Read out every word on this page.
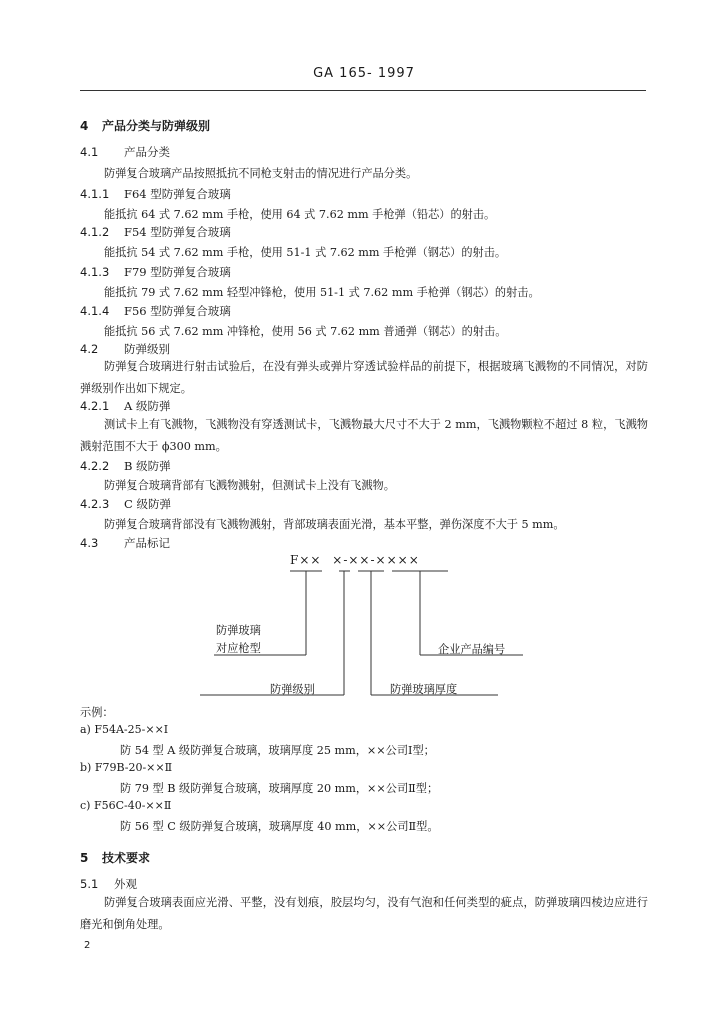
GA 165- 1997
4 产品分类与防弹级别
4.1 产品分类
防弹复合玻璃产品按照抵抗不同枪支射击的情况进行产品分类。
4.1.1 F64 型防弹复合玻璃
能抵抗 64 式 7.62 mm 手枪，使用 64 式 7.62 mm 手枪弹（铅芯）的射击。
4.1.2 F54 型防弹复合玻璃
能抵抗 54 式 7.62 mm 手枪，使用 51-1 式 7.62 mm 手枪弹（钢芯）的射击。
4.1.3 F79 型防弹复合玻璃
能抵抗 79 式 7.62 mm 轻型冲锋枪，使用 51-1 式 7.62 mm 手枪弹（钢芯）的射击。
4.1.4 F56 型防弹复合玻璃
能抵抗 56 式 7.62 mm 冲锋枪，使用 56 式 7.62 mm 普通弹（钢芯）的射击。
4.2 防弹级别
防弹复合玻璃进行射击试验后，在没有弹头或弹片穿透试验样品的前提下，根据玻璃飞溅物的不同情况，对防弹级别作出如下规定。
4.2.1 A 级防弹
测试卡上有飞溅物，飞溅物没有穿透测试卡，飞溅物最大尺寸不大于 2 mm，飞溅物颗粒不超过 8 粒，飞溅物溅射范围不大于 ϕ300 mm。
4.2.2 B 级防弹
防弹复合玻璃背部有飞溅物溅射，但测试卡上没有飞溅物。
4.2.3 C 级防弹
防弹复合玻璃背部没有飞溅物溅射，背部玻璃表面光滑，基本平整，弹伤深度不大于 5 mm。
4.3 产品标记
F×× ×-××-××××
防弹玻璃
对应枪型
防弹级别	防弹玻璃厚度
企业产品编号
示例：
a) F54A-25-××Ⅰ
防 54 型 A 级防弹复合玻璃，玻璃厚度 25 mm，××公司Ⅰ型；
b) F79B-20-××Ⅱ
防 79 型 B 级防弹复合玻璃，玻璃厚度 20 mm，××公司Ⅱ型；
c) F56C-40-××Ⅱ
防 56 型 C 级防弹复合玻璃，玻璃厚度 40 mm，××公司Ⅱ型。
5 技术要求
5.1 外观
防弹复合玻璃表面应光滑、平整，没有划痕，胶层均匀，没有气泡和任何类型的疵点，防弹玻璃四棱边应进行磨光和倒角处理。
2
